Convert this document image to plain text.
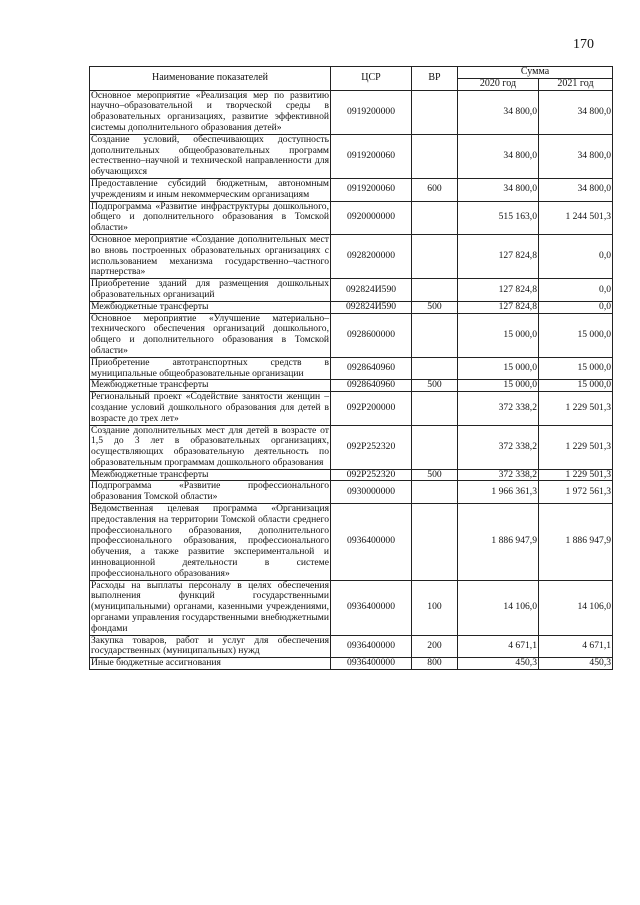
170
Наименование показателей	ЦСР	ВР	Сумма	
			2020 год	2021 год
Основное мероприятие «Реализация мер по развитию научно–образовательной и творческой среды в образовательных организациях, развитие эффективной системы дополнительного образования детей»	0919200000		34 800,0	34 800,0
Создание условий, обеспечивающих доступность дополнительных общеобразовательных программ естественно–научной и технической направленности для обучающихся	0919200060		34 800,0	34 800,0
Предоставление субсидий бюджетным, автономным учреждениям и иным некоммерческим организациям	0919200060	600	34 800,0	34 800,0
Подпрограмма «Развитие инфраструктуры дошкольного, общего и дополнительного образования в Томской области»	0920000000		515 163,0	1 244 501,3
Основное мероприятие «Создание дополнительных мест во вновь построенных образовательных организациях с использованием механизма государственно–частного партнерства»	0928200000		127 824,8	0,0
Приобретение зданий для размещения дошкольных образовательных организаций	092824И590		127 824,8	0,0
Межбюджетные трансферты	092824И590	500	127 824,8	0,0
Основное мероприятие «Улучшение материально–технического обеспечения организаций дошкольного, общего и дополнительного образования в Томской области»	0928600000		15 000,0	15 000,0
Приобретение автотранспортных средств в муниципальные общеобразовательные организации	0928640960		15 000,0	15 000,0
Межбюджетные трансферты	0928640960	500	15 000,0	15 000,0
Региональный проект «Содействие занятости женщин – создание условий дошкольного образования для детей в возрасте до трех лет»	092P200000		372 338,2	1 229 501,3
Создание дополнительных мест для детей в возрасте от 1,5 до 3 лет в образовательных организациях, осуществляющих образовательную деятельность по образовательным программам дошкольного образования	092P252320		372 338,2	1 229 501,3
Межбюджетные трансферты	092P252320	500	372 338,2	1 229 501,3
Подпрограмма «Развитие профессионального образования Томской области»	0930000000		1 966 361,3	1 972 561,3
Ведомственная целевая программа «Организация предоставления на территории Томской области среднего профессионального образования, дополнительного профессионального образования, профессионального обучения, а также развитие экспериментальной и инновационной деятельности в системе профессионального образования»	0936400000		1 886 947,9	1 886 947,9
Расходы на выплаты персоналу в целях обеспечения выполнения функций государственными (муниципальными) органами, казенными учреждениями, органами управления государственными внебюджетными фондами	0936400000	100	14 106,0	14 106,0
Закупка товаров, работ и услуг для обеспечения государственных (муниципальных) нужд	0936400000	200	4 671,1	4 671,1
Иные бюджетные ассигнования	0936400000	800	450,3	450,3
